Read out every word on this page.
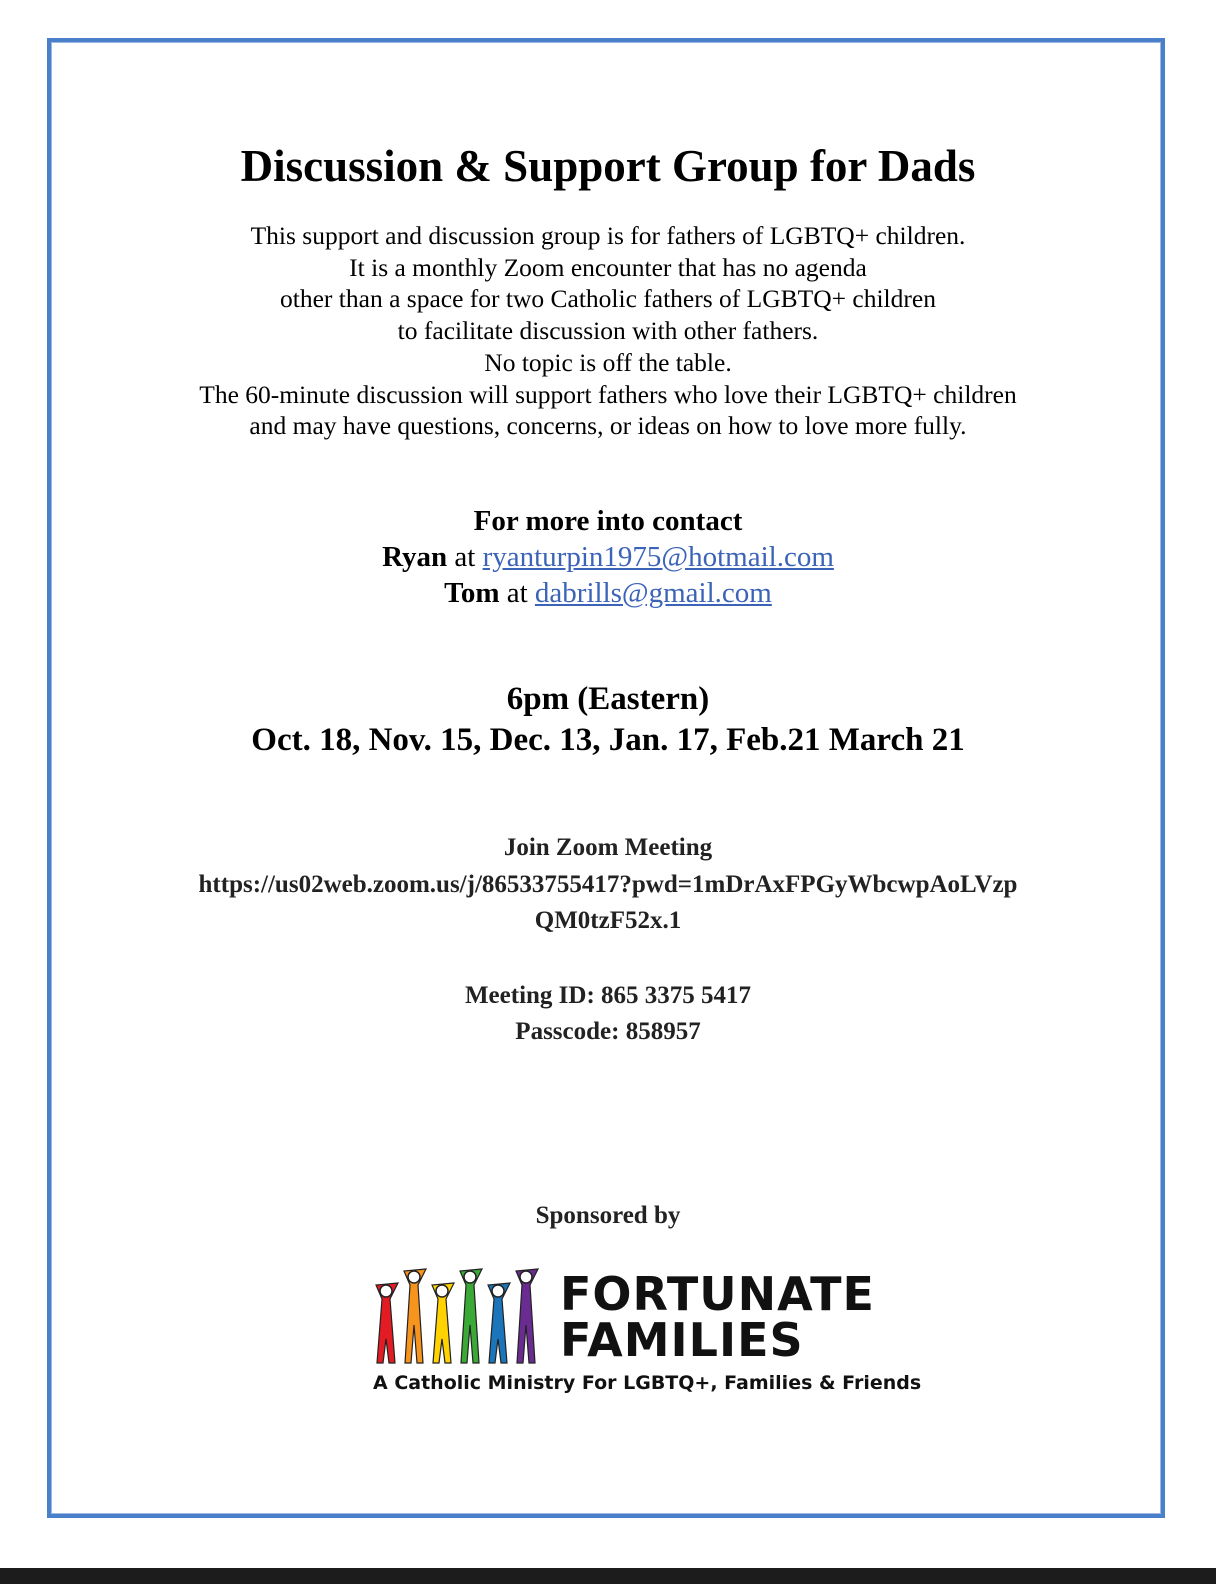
Discussion & Support Group for Dads
This support and discussion group is for fathers of LGBTQ+ children.
It is a monthly Zoom encounter that has no agenda
other than a space for two Catholic fathers of LGBTQ+ children
to facilitate discussion with other fathers.
No topic is off the table.
The 60-minute discussion will support fathers who love their LGBTQ+ children
and may have questions, concerns, or ideas on how to love more fully.
For more into contact
Ryan at ryanturpin1975@hotmail.com
Tom at dabrills@gmail.com
6pm (Eastern)
Oct. 18, Nov. 15, Dec. 13, Jan. 17, Feb.21 March 21
Join Zoom Meeting
https://us02web.zoom.us/j/86533755417?pwd=1mDrAxFPGyWbcwpAoLVzp
QM0tzF52x.1
Meeting ID: 865 3375 5417
Passcode: 858957
Sponsored by
FORTUNATE
FAMILIES
A Catholic Ministry For LGBTQ+, Families & Friends
